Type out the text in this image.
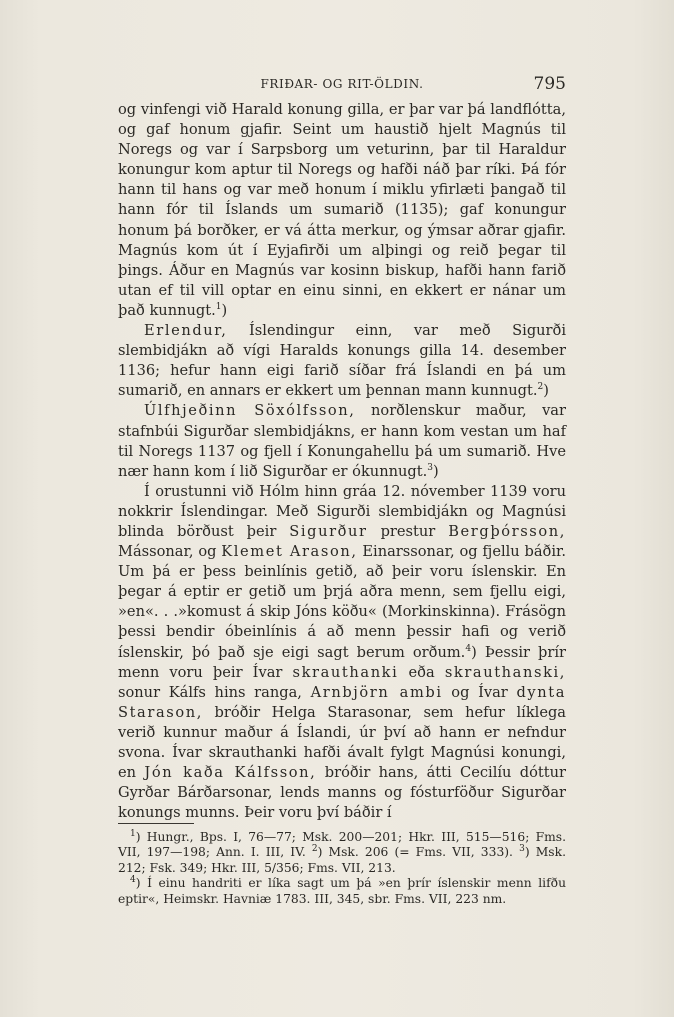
FRIÐAR- OG RIT-ÖLDIN.	795

og vinfengi við Harald konung gilla, er þar var þá landflótta, og gaf honum gjafir. Seint um haustið hjelt Magnús til Noregs og var í Sarpsborg um veturinn, þar til Haraldur konungur kom aptur til Noregs og hafði náð þar ríki. Þá fór hann til hans og var með honum í miklu yfirlæti þangað til hann fór til Íslands um sumarið (1135); gaf konungur honum þá borðker, er vá átta merkur, og ýmsar aðrar gjafir. Magnús kom út í Eyjafirði um alþingi og reið þegar til þings. Áður en Magnús var kosinn biskup, hafði hann farið utan ef til vill optar en einu sinni, en ekkert er nánar um það kunnugt.$^1$)

Erlendur, Íslendingur einn, var með Sigurði slembidjákn að vígi Haralds konungs gilla 14. desember 1136; hefur hann eigi farið síðar frá Íslandi en þá um sumarið, en annars er ekkert um þennan mann kunnugt.$^2$)

Úlfhjeðinn Söxólfsson, norðlenskur maður, var stafnbúi Sigurðar slembidjákns, er hann kom vestan um haf til Noregs 1137 og fjell í Konungahellu þá um sumarið. Hve nær hann kom í lið Sigurðar er ókunnugt.$^3$)

Í orustunni við Hólm hinn gráa 12. nóvember 1139 voru nokkrir Íslendingar. Með Sigurði slembidjákn og Magnúsi blinda börðust þeir Sigurður prestur Bergþórsson, Mássonar, og Klemet Arason, Einarssonar, og fjellu báðir. Um þá er þess beinlínis getið, að þeir voru íslenskir. En þegar á eptir er getið um þrjá aðra menn, sem fjellu eigi, »en«. . .»komust á skip Jóns köðu« (Morkinskinna). Frásögn þessi bendir óbeinlínis á að menn þessir hafi og verið íslenskir, þó það sje eigi sagt berum orðum.$^4$) Þessir þrír menn voru þeir Ívar skrauthanki eða skrauthanski, sonur Kálfs hins ranga, Arnbjörn ambi og Ívar dynta Starason, bróðir Helga Starasonar, sem hefur líklega verið kunnur maður á Íslandi, úr því að hann er nefndur svona. Ívar skrauthanki hafði ávalt fylgt Magnúsi konungi, en Jón kaða Kálfsson, bróðir hans, átti Cecilíu dóttur Gyrðar Bárðarsonar, lends manns og fósturföður Sigurðar konungs munns. Þeir voru því báðir í

$^1$) Hungr., Bps. I, 76—77; Msk. 200—201; Hkr. III, 515—516; Fms. VII, 197—198; Ann. I. III, IV. $^2$) Msk. 206 (= Fms. VII, 333). $^3$) Msk. 212; Fsk. 349; Hkr. III, 5/356; Fms. VII, 213.

$^4$) Í einu handriti er líka sagt um þá »en þrír íslenskir menn lifðu eptir«, Heimskr. Havniæ 1783. III, 345, sbr. Fms. VII, 223 nm.
